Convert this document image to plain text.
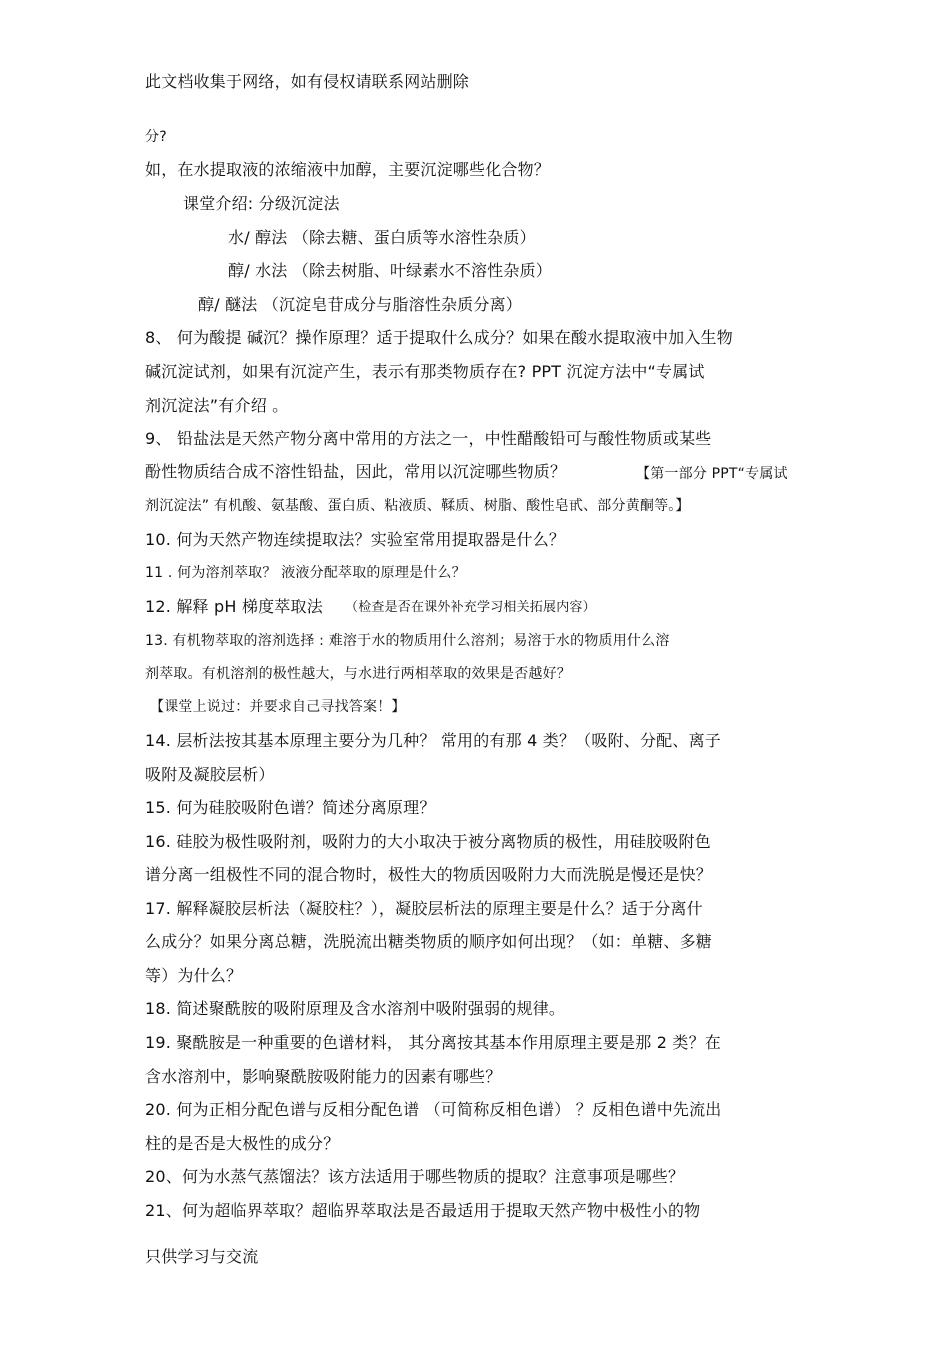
此文档收集于网络，如有侵权请联系网站删除
分?
如，在水提取液的浓缩液中加醇，主要沉淀哪些化合物？
课堂介绍: 分级沉淀法
水/ 醇法 （除去糖、蛋白质等水溶性杂质）
醇/ 水法 （除去树脂、叶绿素水不溶性杂质）
醇/ 醚法 （沉淀皂苷成分与脂溶性杂质分离）
8、 何为酸提 碱沉？操作原理？适于提取什么成分？如果在酸水提取液中加入生物
碱沉淀试剂，如果有沉淀产生，表示有那类物质存在? PPT 沉淀方法中“专属试
剂沉淀法”有介绍 。
9、 铅盐法是天然产物分离中常用的方法之一，中性醋酸铅可与酸性物质或某些
酚性物质结合成不溶性铅盐，因此，常用以沉淀哪些物质？	【第一部分 PPT“专属试
剂沉淀法” 有机酸、氨基酸、蛋白质、粘液质、鞣质、树脂、酸性皂甙、部分黄酮等。】
10. 何为天然产物连续提取法？实验室常用提取器是什么？
11 . 何为溶剂萃取？ 液液分配萃取的原理是什么？
12. 解释 pH 梯度萃取法 （检查是否在课外补充学习相关拓展内容）
13. 有机物萃取的溶剂选择 : 难溶于水的物质用什么溶剂；易溶于水的物质用什么溶
剂萃取。有机溶剂的极性越大，与水进行两相萃取的效果是否越好？
【课堂上说过：并要求自己寻找答案！】
14. 层析法按其基本原理主要分为几种？ 常用的有那 4 类？（吸附、分配、离子
吸附及凝胶层析）
15. 何为硅胶吸附色谱？简述分离原理？
16. 硅胶为极性吸附剂，吸附力的大小取决于被分离物质的极性，用硅胶吸附色
谱分离一组极性不同的混合物时，极性大的物质因吸附力大而洗脱是慢还是快？
17. 解释凝胶层析法（凝胶柱？），凝胶层析法的原理主要是什么？适于分离什
么成分？如果分离总糖，洗脱流出糖类物质的顺序如何出现？（如：单糖、多糖
等）为什么？
18. 简述聚酰胺的吸附原理及含水溶剂中吸附强弱的规律。
19. 聚酰胺是一种重要的色谱材料， 其分离按其基本作用原理主要是那 2 类？在
含水溶剂中，影响聚酰胺吸附能力的因素有哪些？
20. 何为正相分配色谱与反相分配色谱 （可简称反相色谱） ？反相色谱中先流出
柱的是否是大极性的成分？
20、何为水蒸气蒸馏法？该方法适用于哪些物质的提取？注意事项是哪些？
21、何为超临界萃取？超临界萃取法是否最适用于提取天然产物中极性小的物
只供学习与交流
